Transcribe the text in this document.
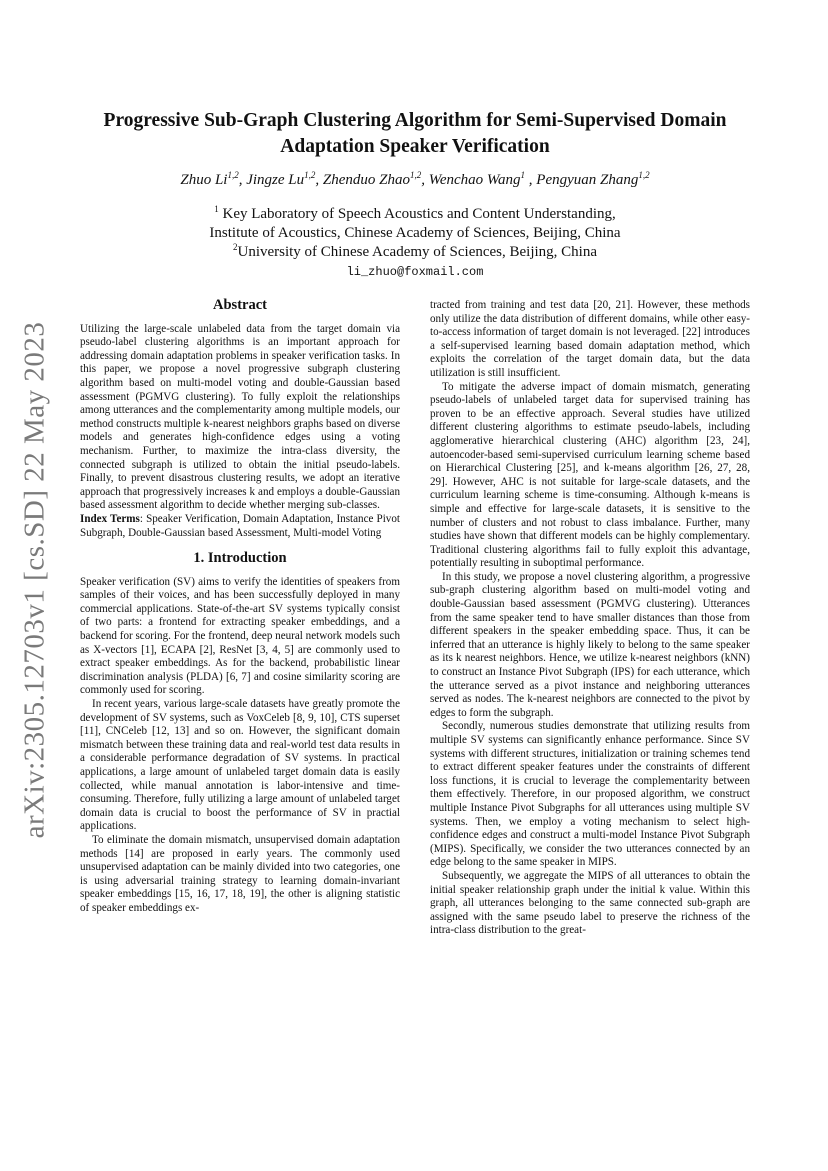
arXiv:2305.12703v1 [cs.SD] 22 May 2023
Progressive Sub-Graph Clustering Algorithm for Semi-Supervised Domain Adaptation Speaker Verification
Zhuo Li$^{1,2}$, Jingze Lu$^{1,2}$, Zhenduo Zhao$^{1,2}$, Wenchao Wang$^1$ , Pengyuan Zhang$^{1,2}$
$^1$ Key Laboratory of Speech Acoustics and Content Understanding,
Institute of Acoustics, Chinese Academy of Sciences, Beijing, China
$^2$University of Chinese Academy of Sciences, Beijing, China
li_zhuo@foxmail.com
Abstract

Utilizing the large-scale unlabeled data from the target domain via pseudo-label clustering algorithms is an important approach for addressing domain adaptation problems in speaker verification tasks. In this paper, we propose a novel progressive subgraph clustering algorithm based on multi-model voting and double-Gaussian based assessment (PGMVG clustering). To fully exploit the relationships among utterances and the complementarity among multiple models, our method constructs multiple k-nearest neighbors graphs based on diverse models and generates high-confidence edges using a voting mechanism. Further, to maximize the intra-class diversity, the connected subgraph is utilized to obtain the initial pseudo-labels. Finally, to prevent disastrous clustering results, we adopt an iterative approach that progressively increases k and employs a double-Gaussian based assessment algorithm to decide whether merging sub-classes.

Index Terms: Speaker Verification, Domain Adaptation, Instance Pivot Subgraph, Double-Gaussian based Assessment, Multi-model Voting

1. Introduction

Speaker verification (SV) aims to verify the identities of speakers from samples of their voices, and has been successfully deployed in many commercial applications. State-of-the-art SV systems typically consist of two parts: a frontend for extracting speaker embeddings, and a backend for scoring. For the frontend, deep neural network models such as X-vectors [1], ECAPA [2], ResNet [3, 4, 5] are commonly used to extract speaker embeddings. As for the backend, probabilistic linear discrimination analysis (PLDA) [6, 7] and cosine similarity scoring are commonly used for scoring.

In recent years, various large-scale datasets have greatly promote the development of SV systems, such as VoxCeleb [8, 9, 10], CTS superset [11], CNCeleb [12, 13] and so on. However, the significant domain mismatch between these training data and real-world test data results in a considerable performance degradation of SV systems. In practical applications, a large amount of unlabeled target domain data is easily collected, while manual annotation is labor-intensive and time-consuming. Therefore, fully utilizing a large amount of unlabeled target domain data is crucial to boost the performance of SV in practial applications.

To eliminate the domain mismatch, unsupervised domain adaptation methods [14] are proposed in early years. The commonly used unsupervised adaptation can be mainly divided into two categories, one is using adversarial training strategy to learning domain-invariant speaker embeddings [15, 16, 17, 18, 19], the other is aligning statistic of speaker embeddings ex-

tracted from training and test data [20, 21]. However, these methods only utilize the data distribution of different domains, while other easy-to-access information of target domain is not leveraged. [22] introduces a self-supervised learning based domain adaptation method, which exploits the correlation of the target domain data, but the data utilization is still insufficient.

To mitigate the adverse impact of domain mismatch, generating pseudo-labels of unlabeled target data for supervised training has proven to be an effective approach. Several studies have utilized different clustering algorithms to estimate pseudo-labels, including agglomerative hierarchical clustering (AHC) algorithm [23, 24], autoencoder-based semi-supervised curriculum learning scheme based on Hierarchical Clustering [25], and k-means algorithm [26, 27, 28, 29]. However, AHC is not suitable for large-scale datasets, and the curriculum learning scheme is time-consuming. Although k-means is simple and effective for large-scale datasets, it is sensitive to the number of clusters and not robust to class imbalance. Further, many studies have shown that different models can be highly complementary. Traditional clustering algorithms fail to fully exploit this advantage, potentially resulting in suboptimal performance.

In this study, we propose a novel clustering algorithm, a progressive sub-graph clustering algorithm based on multi-model voting and double-Gaussian based assessment (PGMVG clustering). Utterances from the same speaker tend to have smaller distances than those from different speakers in the speaker embedding space. Thus, it can be inferred that an utterance is highly likely to belong to the same speaker as its k nearest neighbors. Hence, we utilize k-nearest neighbors (kNN) to construct an Instance Pivot Subgraph (IPS) for each utterance, which the utterance served as a pivot instance and neighboring utterances served as nodes. The k-nearest neighbors are connected to the pivot by edges to form the subgraph.

Secondly, numerous studies demonstrate that utilizing results from multiple SV systems can significantly enhance performance. Since SV systems with different structures, initialization or training schemes tend to extract different speaker features under the constraints of different loss functions, it is crucial to leverage the complementarity between them effectively. Therefore, in our proposed algorithm, we construct multiple Instance Pivot Subgraphs for all utterances using multiple SV systems. Then, we employ a voting mechanism to select high-confidence edges and construct a multi-model Instance Pivot Subgraph (MIPS). Specifically, we consider the two utterances connected by an edge belong to the same speaker in MIPS.

Subsequently, we aggregate the MIPS of all utterances to obtain the initial speaker relationship graph under the initial k value. Within this graph, all utterances belonging to the same connected sub-graph are assigned with the same pseudo label to preserve the richness of the intra-class distribution to the great-
